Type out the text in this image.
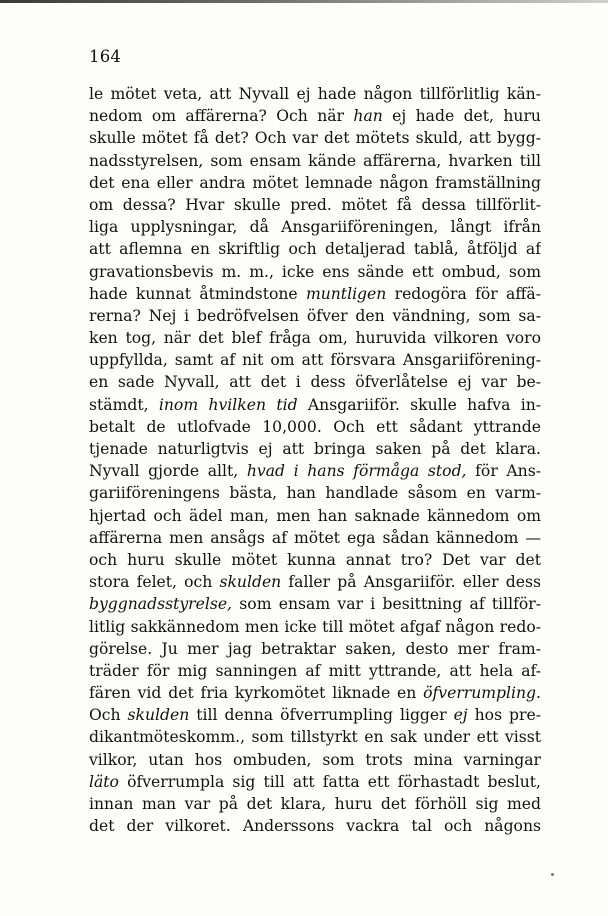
164
le mötet veta, att Nyvall ej hade någon tillförlitlig kän-
nedom om affärerna? Och när han ej hade det, huru
skulle mötet få det? Och var det mötets skuld, att bygg-
nadsstyrelsen, som ensam kände affärerna, hvarken till
det ena eller andra mötet lemnade någon framställning
om dessa? Hvar skulle pred. mötet få dessa tillförlit-
liga upplysningar, då Ansgariiföreningen, långt ifrån
att aflemna en skriftlig och detaljerad tablå, åtföljd af
gravationsbevis m. m., icke ens sände ett ombud, som
hade kunnat åtmindstone muntligen redogöra för affä-
rerna? Nej i bedröfvelsen öfver den vändning, som sa-
ken tog, när det blef fråga om, huruvida vilkoren voro
uppfyllda, samt af nit om att försvara Ansgariiförening-
en sade Nyvall, att det i dess öfverlåtelse ej var be-
stämdt, inom hvilken tid Ansgariiför. skulle hafva in-
betalt de utlofvade 10,000. Och ett sådant yttrande
tjenade naturligtvis ej att bringa saken på det klara.
Nyvall gjorde allt, hvad i hans förmåga stod, för Ans-
gariiföreningens bästa, han handlade såsom en varm-
hjertad och ädel man, men han saknade kännedom om
affärerna men ansågs af mötet ega sådan kännedom —
och huru skulle mötet kunna annat tro? Det var det
stora felet, och skulden faller på Ansgariiför. eller dess
byggnadsstyrelse, som ensam var i besittning af tillför-
litlig sakkännedom men icke till mötet afgaf någon redo-
görelse. Ju mer jag betraktar saken, desto mer fram-
träder för mig sanningen af mitt yttrande, att hela af-
fären vid det fria kyrkomötet liknade en öfverrumpling.
Och skulden till denna öfverrumpling ligger ej hos pre-
dikantmöteskomm., som tillstyrkt en sak under ett visst
vilkor, utan hos ombuden, som trots mina varningar
läto öfverrumpla sig till att fatta ett förhastadt beslut,
innan man var på det klara, huru det förhöll sig med
det der vilkoret. Anderssons vackra tal och någons
